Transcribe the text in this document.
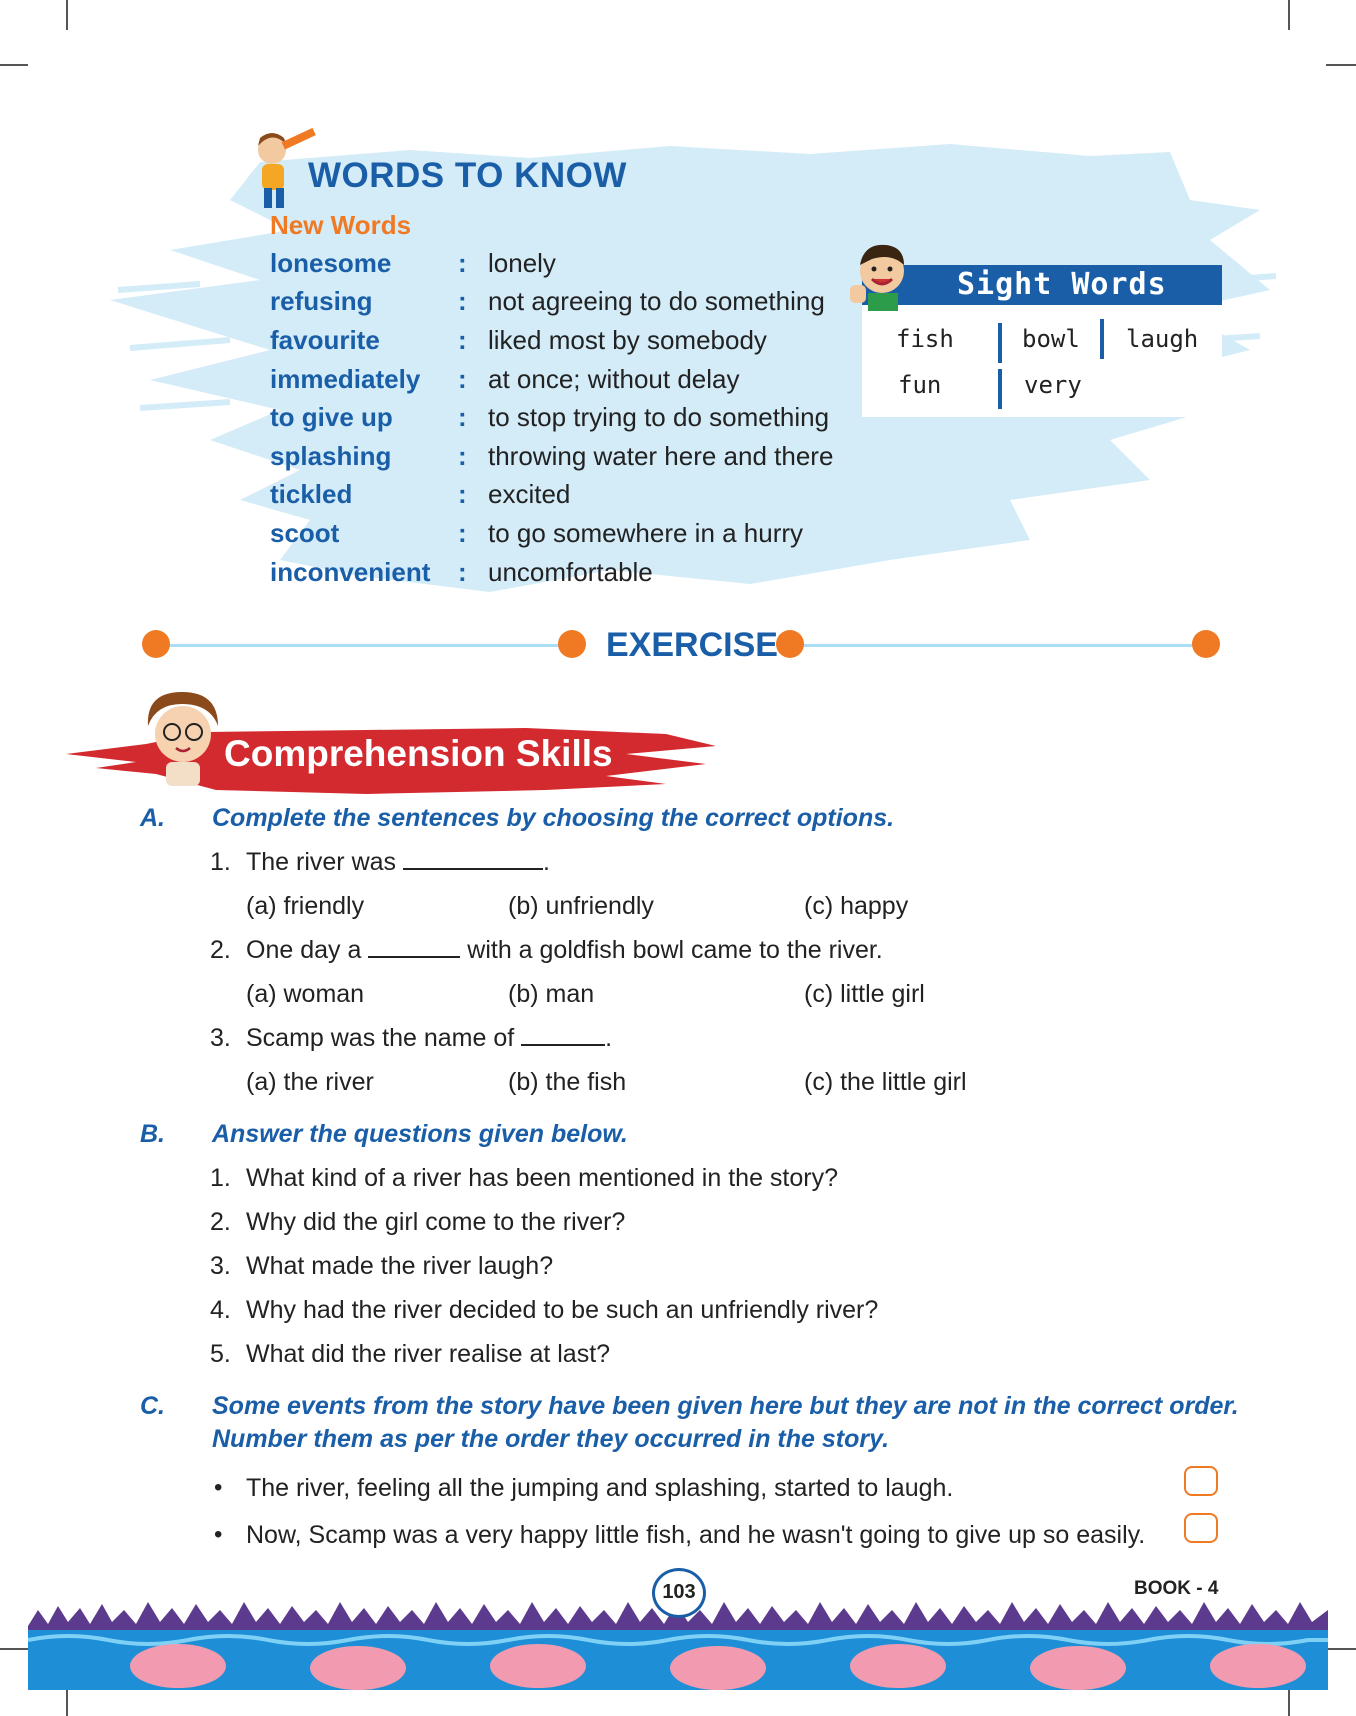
WORDS TO KNOW
New Words
lonesome	: lonely
refusing	: not agreeing to do something
favourite	: liked most by somebody
immediately	: at once; without delay
to give up	: to stop trying to do something
splashing	: throwing water here and there
tickled	: excited
scoot	: to go somewhere in a hurry
inconvenient	: uncomfortable
Sight Words
fish	bowl laugh
fun	very
EXERCISE
Comprehension Skills
A. Complete the sentences by choosing the correct options.
1. The river was	.
(a) friendly	(b) unfriendly	(c) happy
2. One day a	with a goldfish bowl came to the river.
(a) woman	(b) man	(c) little girl
3. Scamp was the name of	.
(a) the river	(b) the fish	(c) the little girl
B. Answer the questions given below.
1. What kind of a river has been mentioned in the story?
2. Why did the girl come to the river?
3. What made the river laugh?
4. Why had the river decided to be such an unfriendly river?
5. What did the river realise at last?
C. Some events from the story have been given here but they are not in the correct order.
Number them as per the order they occurred in the story.
• The river, feeling all the jumping and splashing, started to laugh.
• Now, Scamp was a very happy little fish, and he wasn't going to give up so easily.
103	BOOK - 4
